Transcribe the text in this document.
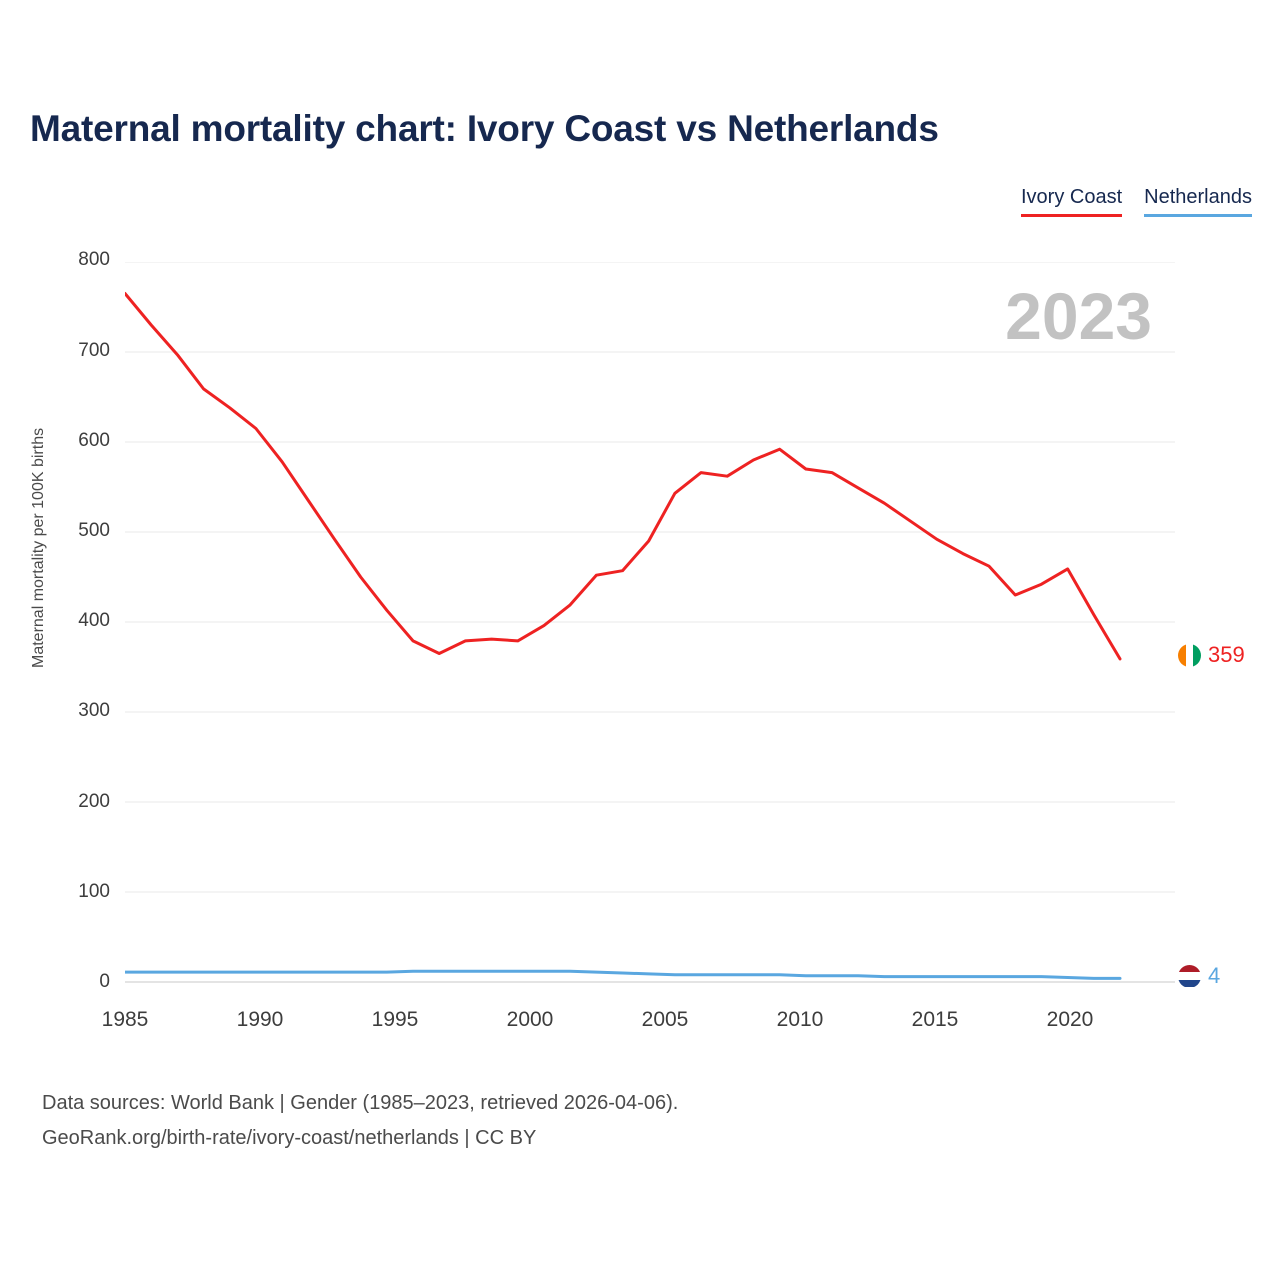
Maternal mortality chart: Ivory Coast vs Netherlands
Ivory Coast Netherlands
2023
Maternal mortality per 100K births
800
700
600
500
400
300
200
100
0
1985	1990	1995	2000	2005	2010	2015	2020
359
4
Data sources: World Bank | Gender (1985–2023, retrieved 2026-04-06).
GeoRank.org/birth-rate/ivory-coast/netherlands | CC BY
